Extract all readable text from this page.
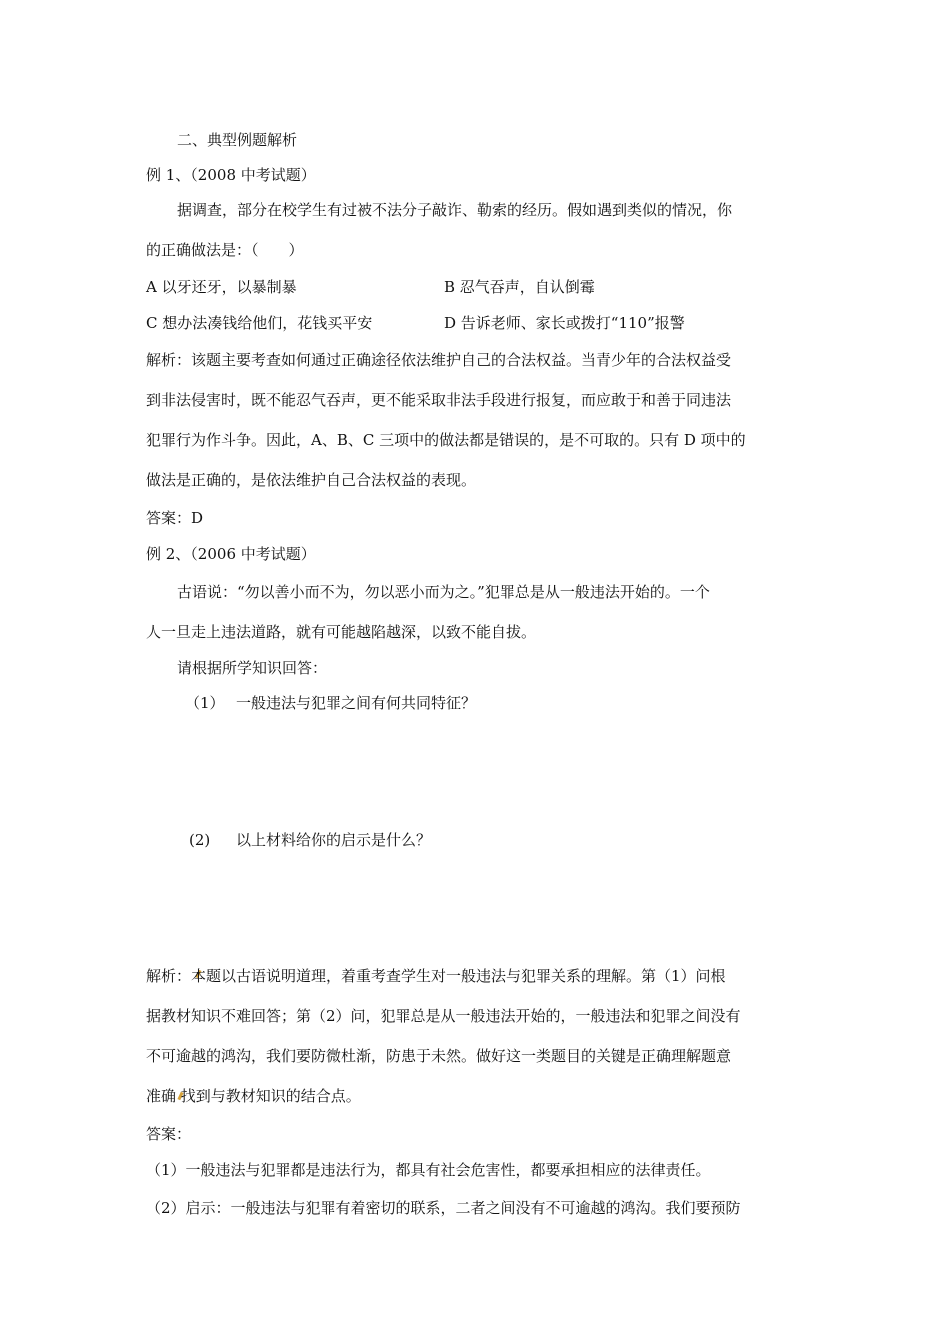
二、典型例题解析
例 1、（2008 中考试题）
据调查，部分在校学生有过被不法分子敲诈、勒索的经历。假如遇到类似的情况，你
的正确做法是：（　　）
A 以牙还牙，以暴制暴	B 忍气吞声，自认倒霉
C 想办法凑钱给他们，花钱买平安	D 告诉老师、家长或拨打“110”报警
解析：该题主要考查如何通过正确途径依法维护自己的合法权益。当青少年的合法权益受
到非法侵害时，既不能忍气吞声，更不能采取非法手段进行报复，而应敢于和善于同违法
犯罪行为作斗争。因此，A、B、C 三项中的做法都是错误的，是不可取的。只有 D 项中的
做法是正确的，是依法维护自己合法权益的表现。
答案：D
例 2、（2006 中考试题）
古语说：“勿以善小而不为，勿以恶小而为之。”犯罪总是从一般违法开始的。一个
人一旦走上违法道路，就有可能越陷越深，以致不能自拔。
请根据所学知识回答：
（1） 一般违法与犯罪之间有何共同特征？
(2) 以上材料给你的启示是什么？
解析：本题以古语说明道理，着重考查学生对一般违法与犯罪关系的理解。第（1）问根
据教材知识不难回答；第（2）问，犯罪总是从一般违法开始的，一般违法和犯罪之间没有
不可逾越的鸿沟，我们要防微杜渐，防患于未然。做好这一类题目的关键是正确理解题意
准确 找到与教材知识的结合点。
答案：
（1）一般违法与犯罪都是违法行为，都具有社会危害性，都要承担相应的法律责任。
（2）启示：一般违法与犯罪有着密切的联系，二者之间没有不可逾越的鸿沟。我们要预防
